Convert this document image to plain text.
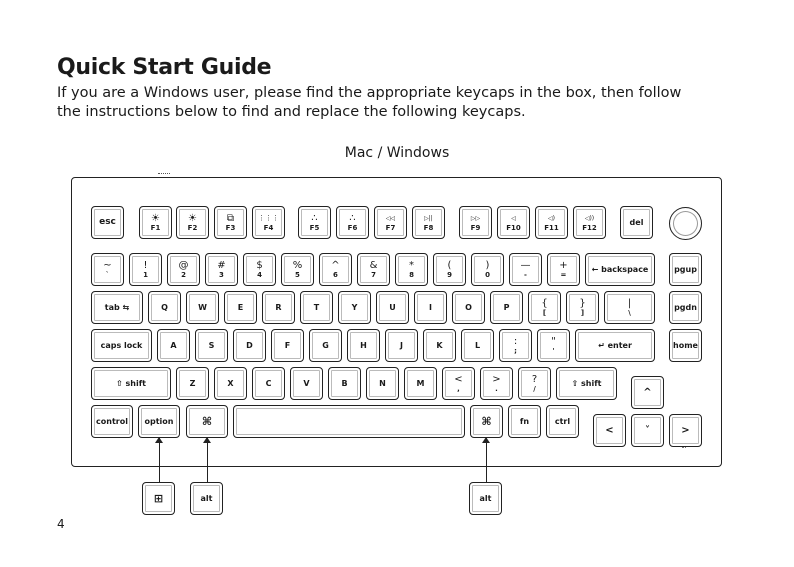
Quick Start Guide
If you are a Windows user, please find the appropriate keycaps in the box, then follow
the instructions below to find and replace the following keycaps.
Mac / Windows
esc	☀
F1
☀
F2
⧉
F3
⋮⋮⋮
F4
∴
F5
∴
F6
◁◁
F7
▷||
F8
▷▷
F9
◁
F10
◁)
F11
◁))
F12
del
~
`
!
1
@
2
#
3
$
4
%
5
^
6
&
7
*
8
(
9
)
0
—
-
+
=
← backspace	pgup
tab ⇆	Q	W	E	R	T	Y	U	I	O	P	{
[
}
]
|
\
pgdn
caps lock	A	S	D	F	G	H	J	K	L	:
;
"
'
↵ enter	home
⇧ shift	Z	X	C	V	B	N	M	<
,
>
.
?
/
⇧ shift
^
control option	⌘	⌘	fn	ctrl
<	˅	>
⊞	alt	alt
4
